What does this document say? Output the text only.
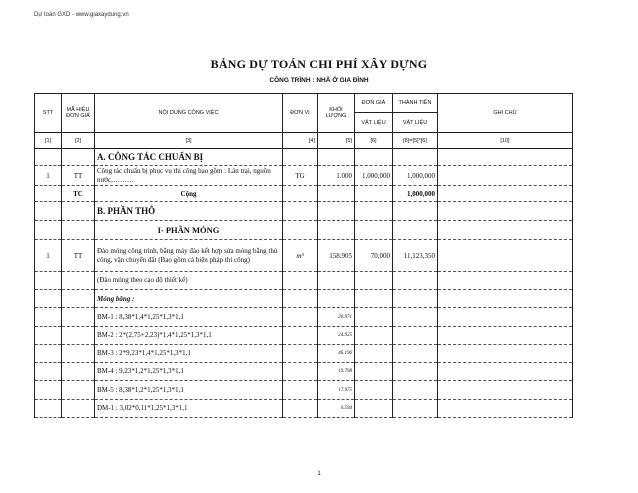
Dự toán GXD - www.giaxaydung.vn
BẢNG DỰ TOÁN CHI PHÍ XÂY DỰNG
CÔNG TRÌNH : NHÀ Ở GIA ĐÌNH
STT	MÃ HIỆU ĐƠN GIÁ	NỘI DUNG CÔNG VIỆC	ĐƠN VỊ	KHỐI LƯỢNG	ĐƠN GIÁ	THÀNH TIỀN	GHI CHÚ
					VẬT LIỆU	VẬT LIỆU	
[1]	[2]	[3]	[4]	[5]	[6]	[8]=[5]*[6]	[10]
		A. CÔNG TÁC CHUẨN BỊ					
1	TT	Công tác chuẩn bị phục vụ thi công bao gồm : Lán trại, nguồn nước,………	TG	1.000	1,000,000	1,000,000	
	TC	Cộng				1,000,000	
		B. PHẦN THÔ					
		I- PHẦN MÓNG					
1	TT	Đào móng công trình, bằng máy đào kết hợp sửa móng bằng thủ công, vận chuyển đất (Bao gồm cả biện pháp thi công)	m³	158.905	70,000	11,123,350	
		(Đào móng theo cao độ thiết kế)					
		Móng băng :					
		BM-1 : 8,38*1,4*1,25*1,3*1,1		20.971			
		BM-2 : 2*(2,75+2,23)*1,4*1,25*1,3*1,1		24.925			
		BM-3 : 2*9,23*1,4*1,25*1,3*1,1		46.196			
		BM-4 : 9,23*1,2*1,25*1,3*1,1		19.798			
		BM-5 : 8,38*1,2*1,25*1,3*1,1		17.975			
		DM-1 : 3,02*0,11*1,25*1,3*1,1		0.594			
1
